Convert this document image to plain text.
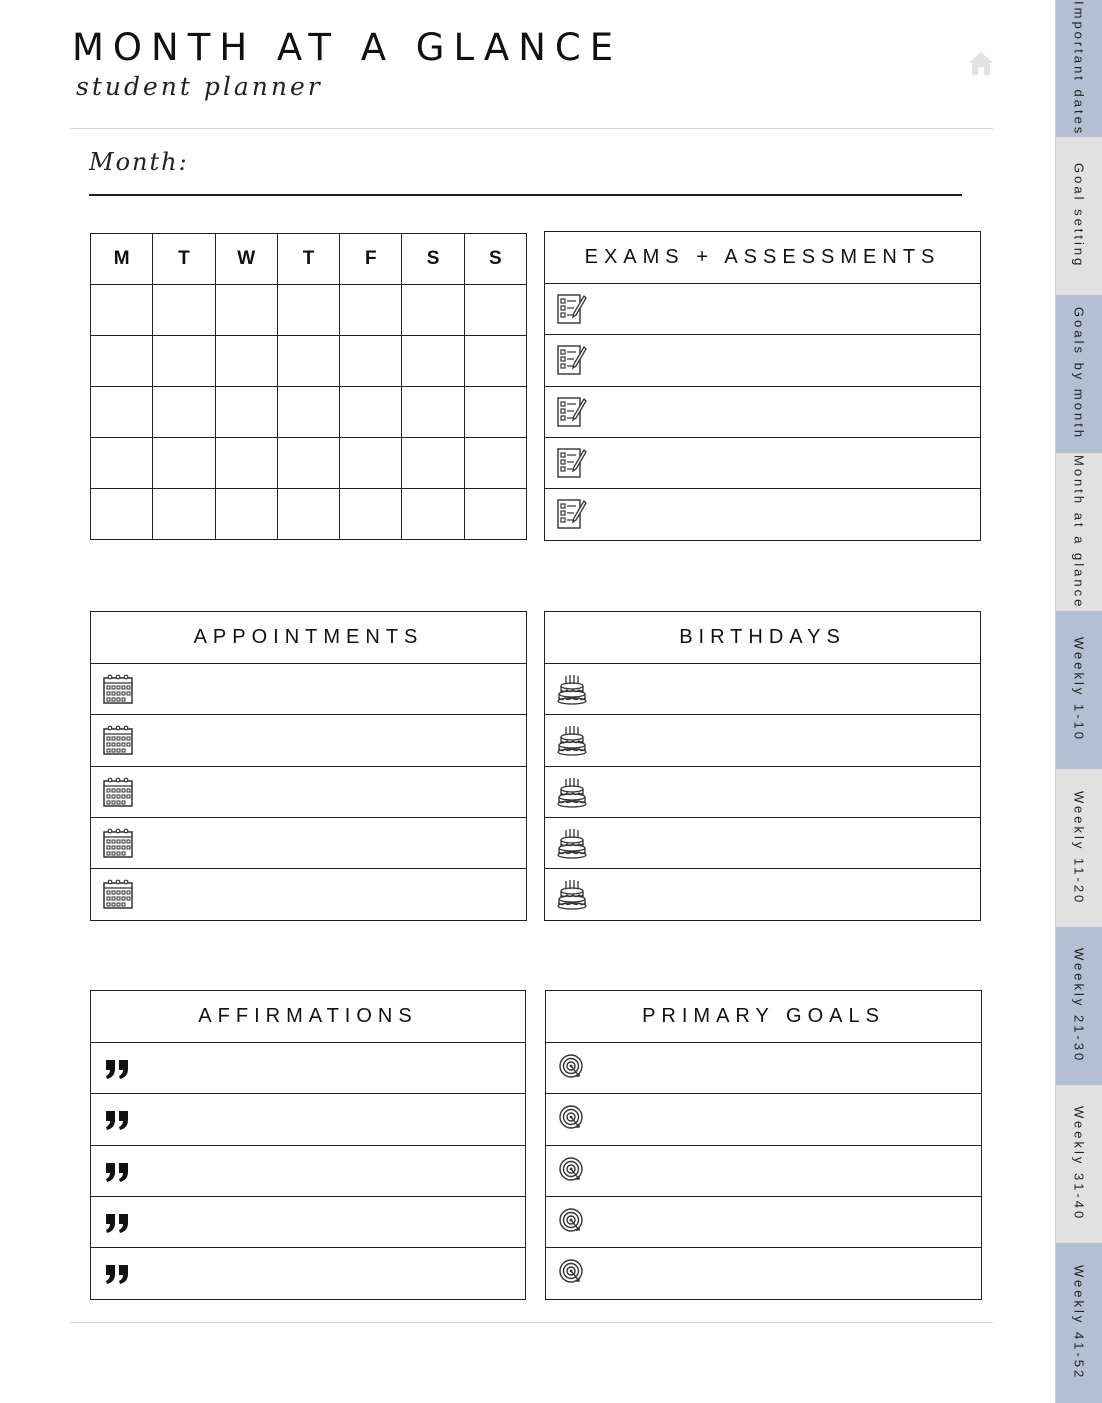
MONTH AT A GLANCE
student planner
Month:
M	T	W	T	F	S	S

							EXAMS + ASSESSMENTS
APPOINTMENTS	BIRTHDAYS
AFFIRMATIONS	PRIMARY GOALS
Important dates
Goal setting
Goals by month
Month at a glance
Weekly 1-10
Weekly 11-20
Weekly 21-30
Weekly 31-40
Weekly 41-52
